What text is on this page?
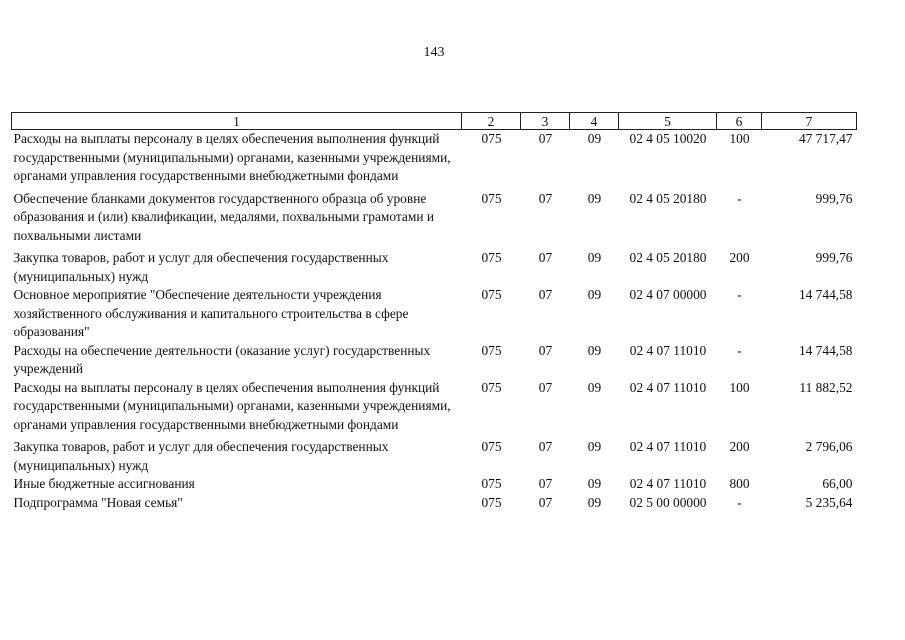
143
1	2	3	4	5	6	7
Расходы на выплаты персоналу в целях обеспечения выполнения функций государственными (муниципальными) органами, казенными учреждениями, органами управления государственными внебюджетными фондами	075	07	09	02 4 05 10020	100	47 717,47
Обеспечение бланками документов государственного образца об уровне образования и (или) квалификации, медалями, похвальными грамотами и похвальными листами	075	07	09	02 4 05 20180	-	999,76
Закупка товаров, работ и услуг для обеспечения государственных (муниципальных) нужд	075	07	09	02 4 05 20180	200	999,76
Основное мероприятие "Обеспечение деятельности учреждения хозяйственного обслуживания и капитального строительства в сфере образования"	075	07	09	02 4 07 00000	-	14 744,58
Расходы на обеспечение деятельности (оказание услуг) государственных учреждений	075	07	09	02 4 07 11010	-	14 744,58
Расходы на выплаты персоналу в целях обеспечения выполнения функций государственными (муниципальными) органами, казенными учреждениями, органами управления государственными внебюджетными фондами	075	07	09	02 4 07 11010	100	11 882,52
Закупка товаров, работ и услуг для обеспечения государственных (муниципальных) нужд	075	07	09	02 4 07 11010	200	2 796,06
Иные бюджетные ассигнования	075	07	09	02 4 07 11010	800	66,00
Подпрограмма "Новая семья"	075	07	09	02 5 00 00000	-	5 235,64
